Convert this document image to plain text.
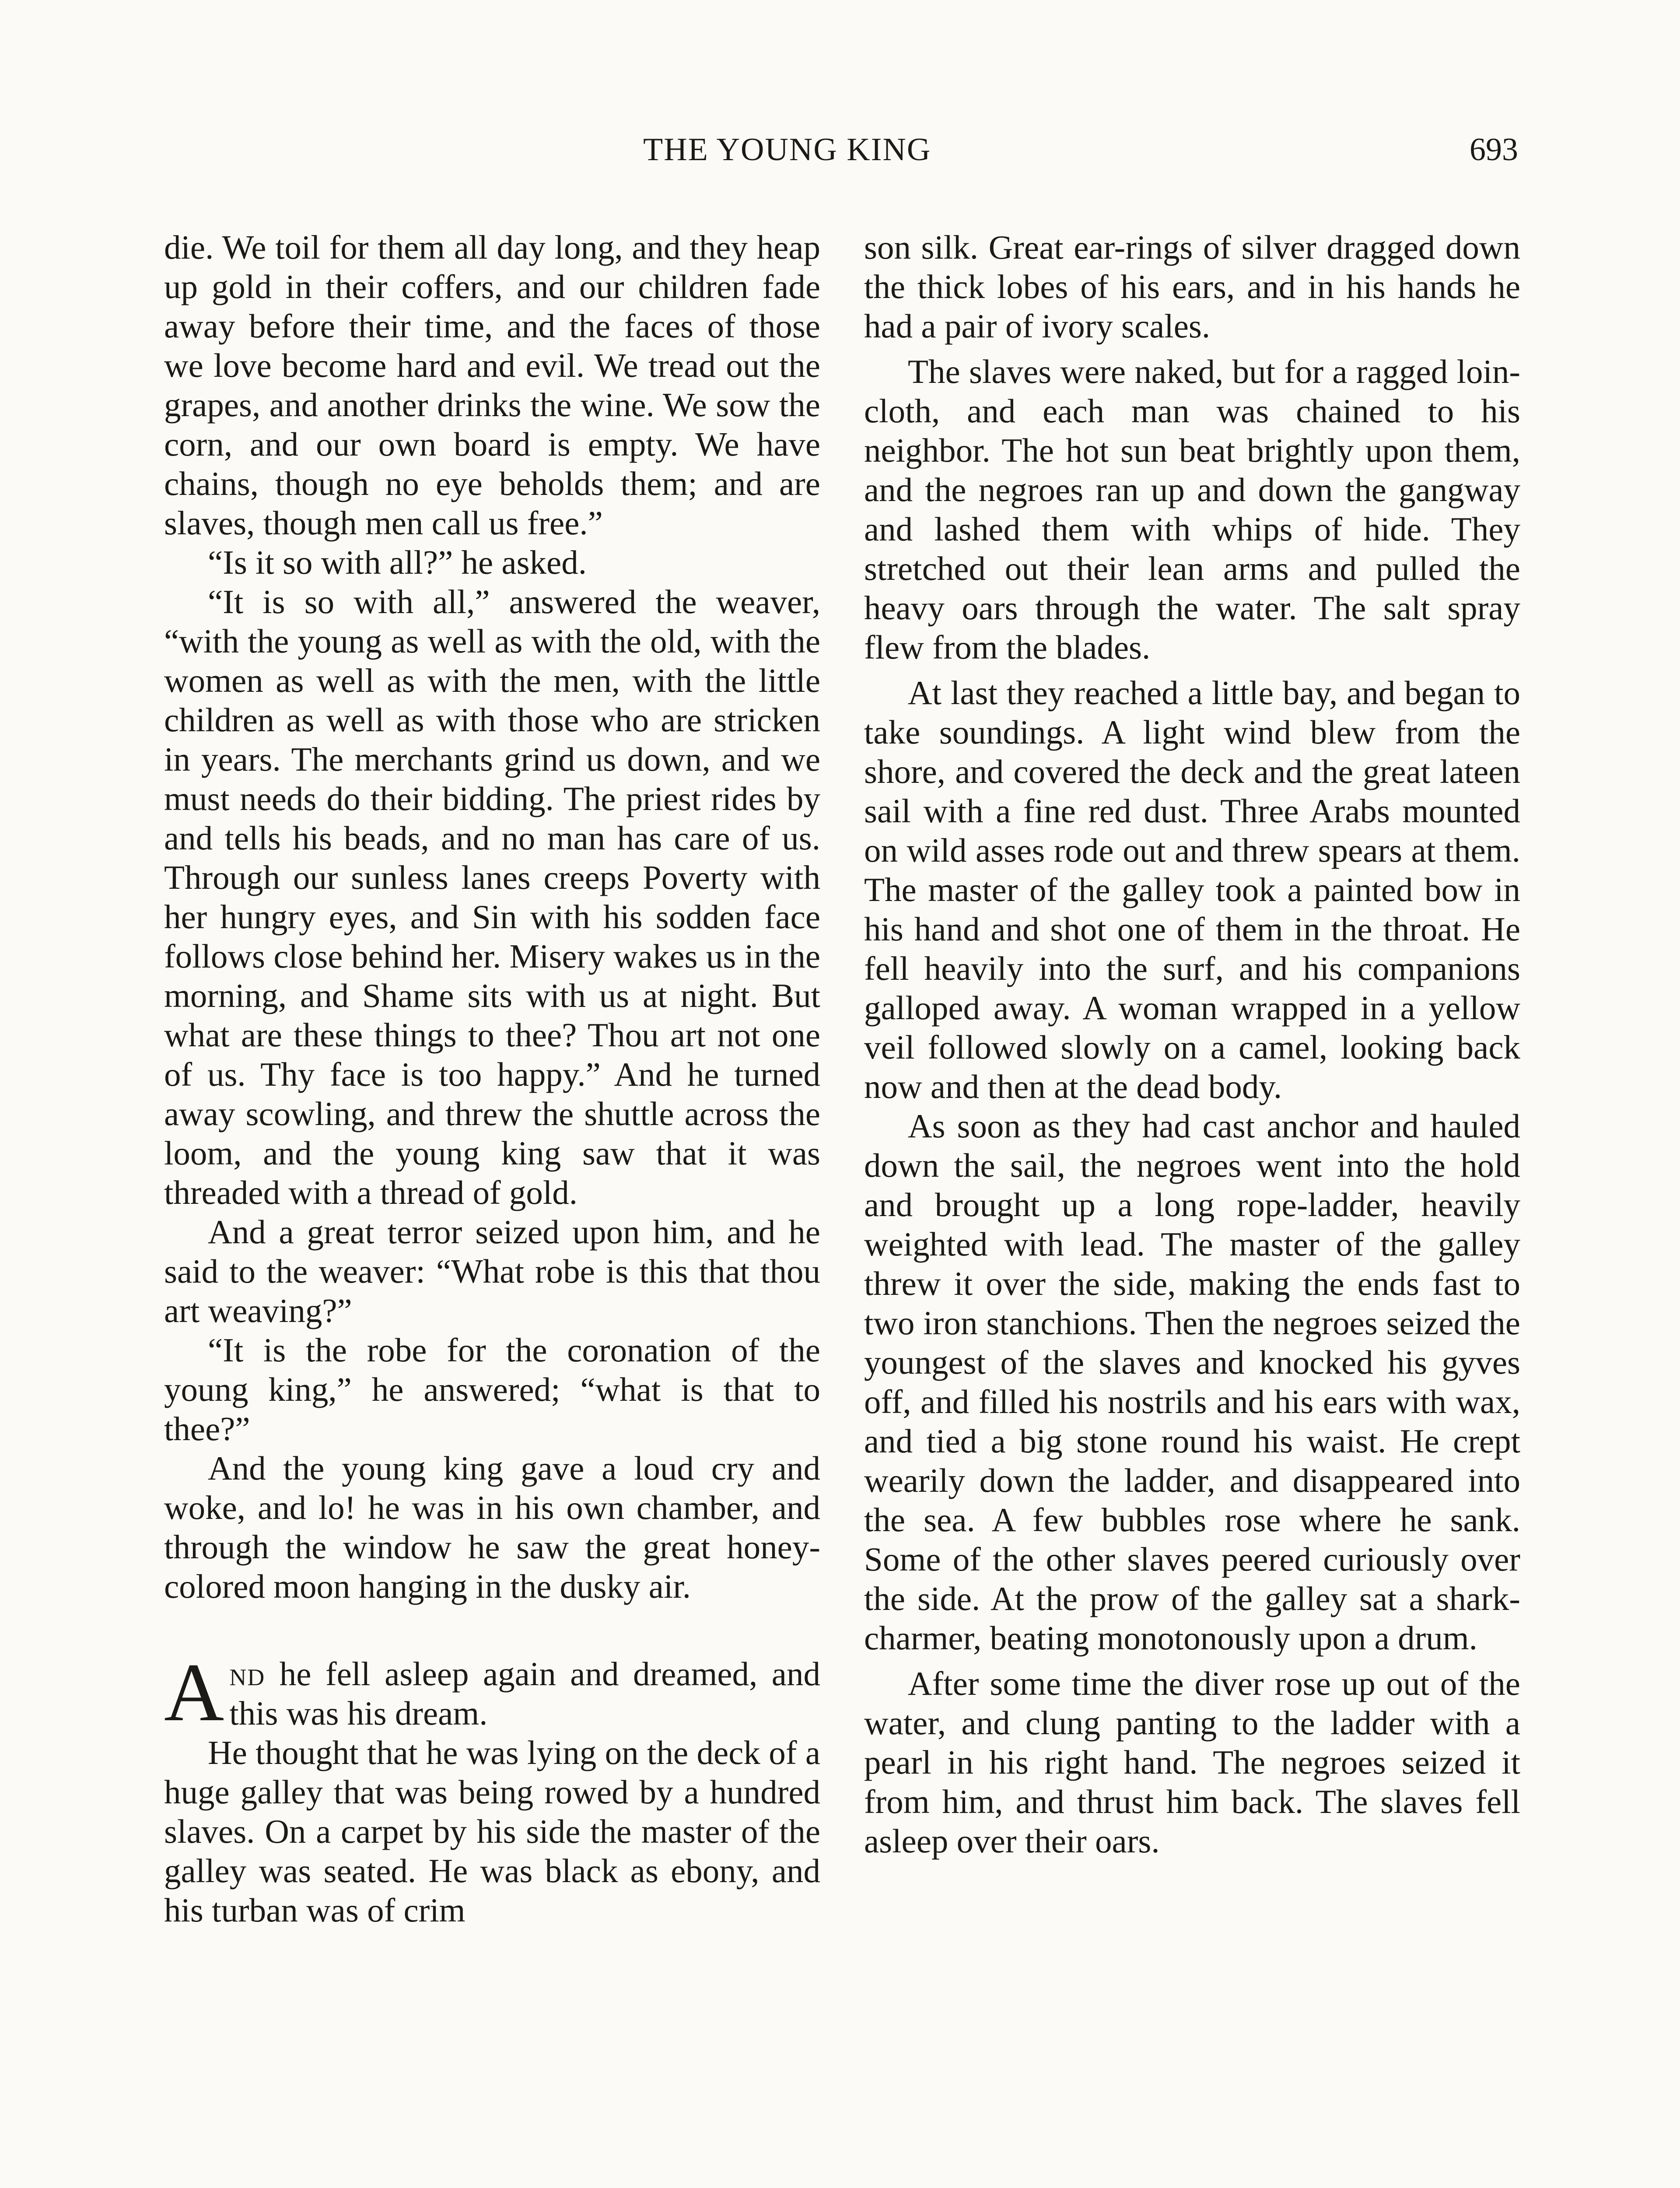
THE YOUNG KING	693

die. We toil for them all day long, and they heap up gold in their coffers, and our children fade away before their time, and the faces of those we love become hard and evil. We tread out the grapes, and another drinks the wine. We sow the corn, and our own board is empty. We have chains, though no eye beholds them; and are slaves, though men call us free.”

“Is it so with all?” he asked.

“It is so with all,” answered the weaver, “with the young as well as with the old, with the women as well as with the men, with the little children as well as with those who are stricken in years. The merchants grind us down, and we must needs do their bidding. The priest rides by and tells his beads, and no man has care of us. Through our sunless lanes creeps Poverty with her hungry eyes, and Sin with his sodden face follows close behind her. Misery wakes us in the morning, and Shame sits with us at night. But what are these things to thee? Thou art not one of us. Thy face is too happy.” And he turned away scowling, and threw the shuttle across the loom, and the young king saw that it was threaded with a thread of gold.

And a great terror seized upon him, and he said to the weaver: “What robe is this that thou art weaving?”

“It is the robe for the coronation of the young king,” he answered; “what is that to thee?”

And the young king gave a loud cry and woke, and lo! he was in his own chamber, and through the window he saw the great honey-colored moon hanging in the dusky air.

And he fell asleep again and dreamed, and this was his dream.

He thought that he was lying on the deck of a huge galley that was being rowed by a hundred slaves. On a carpet by his side the master of the galley was seated. He was black as ebony, and his turban was of crim

son silk. Great ear-rings of silver dragged down the thick lobes of his ears, and in his hands he had a pair of ivory scales.

The slaves were naked, but for a ragged loin-cloth, and each man was chained to his neighbor. The hot sun beat brightly upon them, and the negroes ran up and down the gangway and lashed them with whips of hide. They stretched out their lean arms and pulled the heavy oars through the water. The salt spray flew from the blades.

At last they reached a little bay, and began to take soundings. A light wind blew from the shore, and covered the deck and the great lateen sail with a fine red dust. Three Arabs mounted on wild asses rode out and threw spears at them. The master of the galley took a painted bow in his hand and shot one of them in the throat. He fell heavily into the surf, and his companions galloped away. A woman wrapped in a yellow veil followed slowly on a camel, looking back now and then at the dead body.

As soon as they had cast anchor and hauled down the sail, the negroes went into the hold and brought up a long rope-ladder, heavily weighted with lead. The master of the galley threw it over the side, making the ends fast to two iron stanchions. Then the negroes seized the youngest of the slaves and knocked his gyves off, and filled his nostrils and his ears with wax, and tied a big stone round his waist. He crept wearily down the ladder, and disappeared into the sea. A few bubbles rose where he sank. Some of the other slaves peered curiously over the side. At the prow of the galley sat a shark-charmer, beating monotonously upon a drum.

After some time the diver rose up out of the water, and clung panting to the ladder with a pearl in his right hand. The negroes seized it from him, and thrust him back. The slaves fell asleep over their oars.
